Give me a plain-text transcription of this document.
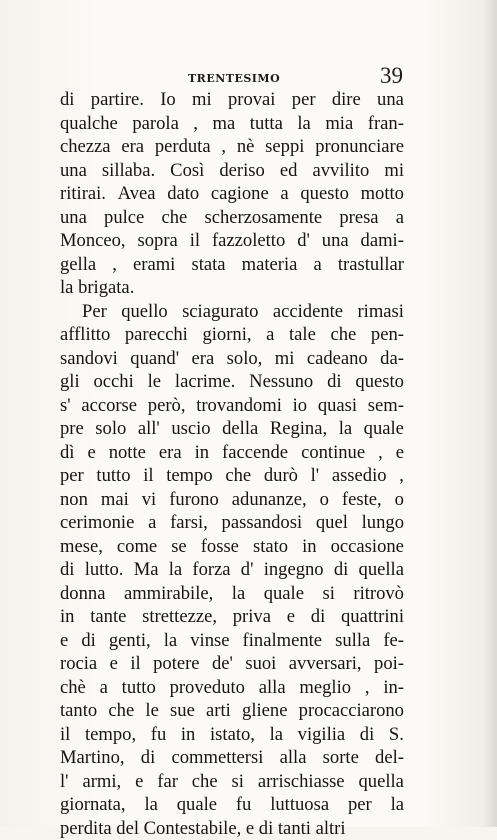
TRENTESIMO	39
di partire. Io mi provai per dire una
qualche parola , ma tutta la mia fran-
chezza era perduta , nè seppi pronunciare
una sillaba. Così deriso ed avvilito mi
ritirai. Avea dato cagione a questo motto
una pulce che scherzosamente presa a
Monceo, sopra il fazzoletto d' una dami-
gella , erami stata materia a trastullar
la brigata.
Per quello sciagurato accidente rimasi
afflitto parecchi giorni, a tale che pen-
sandovi quand' era solo, mi cadeano da-
gli occhi le lacrime. Nessuno di questo
s' accorse però, trovandomi io quasi sem-
pre solo all' uscio della Regina, la quale
dì e notte era in faccende continue , e
per tutto il tempo che durò l' assedio ,
non mai vi furono adunanze, o feste, o
cerimonie a farsi, passandosi quel lungo
mese, come se fosse stato in occasione
di lutto. Ma la forza d' ingegno di quella
donna ammirabile, la quale si ritrovò
in tante strettezze, priva e di quattrini
e di genti, la vinse finalmente sulla fe-
rocia e il potere de' suoi avversari, poi-
chè a tutto proveduto alla meglio , in-
tanto che le sue arti gliene procacciarono
il tempo, fu in istato, la vigilia di S.
Martino, di commettersi alla sorte del-
l' armi, e far che si arrischiasse quella
giornata, la quale fu luttuosa per la
perdita del Contestabile, e di tanti altri
